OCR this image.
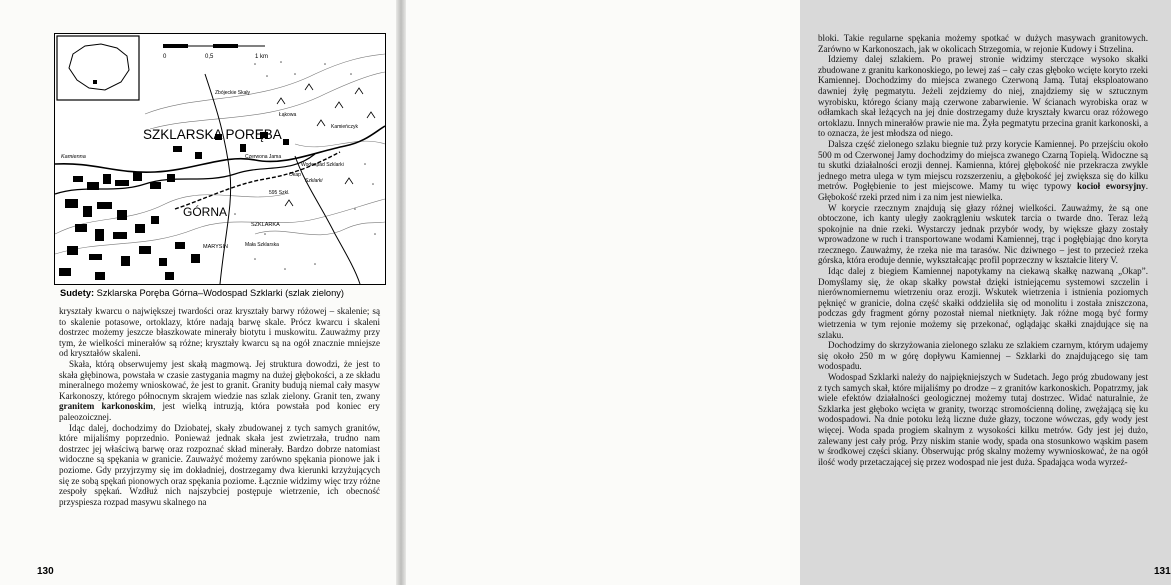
0	0,5	1 km
SZKLARSKA PORĘBA
GÓRNA
Kamienna
Wodospad Szklarki
Szklarki
Czerwona Jama
Zbójeckie Skały
Łąkowa
MARYSIN
SZKLARKA
Mała Szklarska
Kamieńczyk
Okap
595 Szkl.
Sudety: Szklarska Poręba Górna–Wodospad Szklarki (szlak zielony)

kryształy kwarcu o największej twardości oraz kryształy barwy różowej – skalenie; są to skalenie potasowe, ortoklazy, które nadają barwę skale. Prócz kwarcu i skaleni dostrzec możemy jeszcze błaszkowate minerały biotytu i muskowitu. Zauważmy przy tym, że wielkości minerałów są różne; kryształy kwarcu są na ogół znacznie mniejsze od kryształów skaleni.

Skała, którą obserwujemy jest skałą magmową. Jej struktura dowodzi, że jest to skała głębinowa, powstała w czasie zastygania magmy na dużej głębokości, a ze składu mineralnego możemy wnioskować, że jest to granit. Granity budują niemal cały masyw Karkonoszy, którego północnym skrajem wiedzie nas szlak zielony. Granit ten, zwany granitem karkonoskim, jest wielką intruzją, która powstała pod koniec ery paleozoicznej.

Idąc dalej, dochodzimy do Dziobatej, skały zbudowanej z tych samych granitów, które mijaliśmy poprzednio. Ponieważ jednak skała jest zwietrzała, trudno nam dostrzec jej właściwą barwę oraz rozpoznać skład minerały. Bardzo dobrze natomiast widoczne są spękania w granicie. Zauważyć możemy zarówno spękania pionowe jak i poziome. Gdy przyjrzymy się im dokładniej, dostrzegamy dwa kierunki krzyżujących się ze sobą spękań pionowych oraz spękania poziome. Łącznie widzimy więc trzy różne zespoły spękań. Wzdłuż nich najszybciej postępuje wietrzenie, ich obecność przyspiesza rozpad masywu skalnego na

130

bloki. Takie regularne spękania możemy spotkać w dużych masywach granitowych. Zarówno w Karkonoszach, jak w okolicach Strzegomia, w rejonie Kudowy i Strzelina.

Idziemy dalej szlakiem. Po prawej stronie widzimy sterczące wysoko skałki zbudowane z granitu karkonoskiego, po lewej zaś – cały czas głęboko wcięte koryto rzeki Kamiennej. Dochodzimy do miejsca zwanego Czerwoną Jamą. Tutaj eksploatowano dawniej żyłę pegmatytu. Jeżeli zejdziemy do niej, znajdziemy się w sztucznym wyrobisku, którego ściany mają czerwone zabarwienie. W ścianach wyrobiska oraz w odłamkach skał leżących na jej dnie dostrzegamy duże kryształy kwarcu oraz różowego ortoklazu. Innych minerałów prawie nie ma. Żyła pegmatytu przecina granit karkonoski, a to oznacza, że jest młodsza od niego.

Dalsza część zielonego szlaku biegnie tuż przy korycie Kamiennej. Po przejściu około 500 m od Czerwonej Jamy dochodzimy do miejsca zwanego Czarną Topielą. Widoczne są tu skutki działalności erozji dennej. Kamienna, której głębokość nie przekracza zwykle jednego metra ulega w tym miejscu rozszerzeniu, a głębokość jej zwiększa się do kilku metrów. Pogłębienie to jest miejscowe. Mamy tu więc typowy kocioł eworsyjny. Głębokość rzeki przed nim i za nim jest niewielka.

W korycie rzecznym znajdują się głazy różnej wielkości. Zauważmy, że są one obtoczone, ich kanty uległy zaokrągleniu wskutek tarcia o twarde dno. Teraz leżą spokojnie na dnie rzeki. Wystarczy jednak przybór wody, by większe głazy zostały wprowadzone w ruch i transportowane wodami Kamiennej, trąc i pogłębiając dno koryta rzecznego. Zauważmy, że rzeka nie ma tarasów. Nic dziwnego – jest to przecież rzeka górska, która eroduje dennie, wykształcając profil poprzeczny w kształcie litery V.

Idąc dalej z biegiem Kamiennej napotykamy na ciekawą skałkę nazwaną „Okap”. Domyślamy się, że okap skałky powstał dzięki istniejącemu systemowi szczelin i nierównomiernemu wietrzeniu oraz erozji. Wskutek wietrzenia i istnienia poziomych pęknięć w granicie, dolna część skałki oddzieliła się od monolitu i została zniszczona, podczas gdy fragment górny pozostał niemal nietknięty. Jak różne mogą być formy wietrzenia w tym rejonie możemy się przekonać, oglądając skałki znajdujące się na szlaku.

Dochodzimy do skrzyżowania zielonego szlaku ze szlakiem czarnym, którym udajemy się około 250 m w górę dopływu Kamiennej – Szklarki do znajdującego się tam wodospadu.

Wodospad Szklarki należy do najpiękniejszych w Sudetach. Jego próg zbudowany jest z tych samych skał, które mijaliśmy po drodze – z granitów karkonoskich. Popatrzmy, jak wiele efektów działalności geologicznej możemy tutaj dostrzec. Widać naturalnie, że Szklarka jest głęboko wcięta w granity, tworząc stromościenną dolinę, zwężającą się ku wodospadowi. Na dnie potoku leżą liczne duże głazy, toczone wówczas, gdy wody jest więcej. Woda spada progiem skalnym z wysokości kilku metrów. Gdy jest jej dużo, zalewany jest cały próg. Przy niskim stanie wody, spada ona stosunkowo wąskim pasem w środkowej części skiany. Obserwując próg skalny możemy wywnioskować, że na ogół ilość wody przetaczającej się przez wodospad nie jest duża. Spadająca woda wyrzeź-

131
